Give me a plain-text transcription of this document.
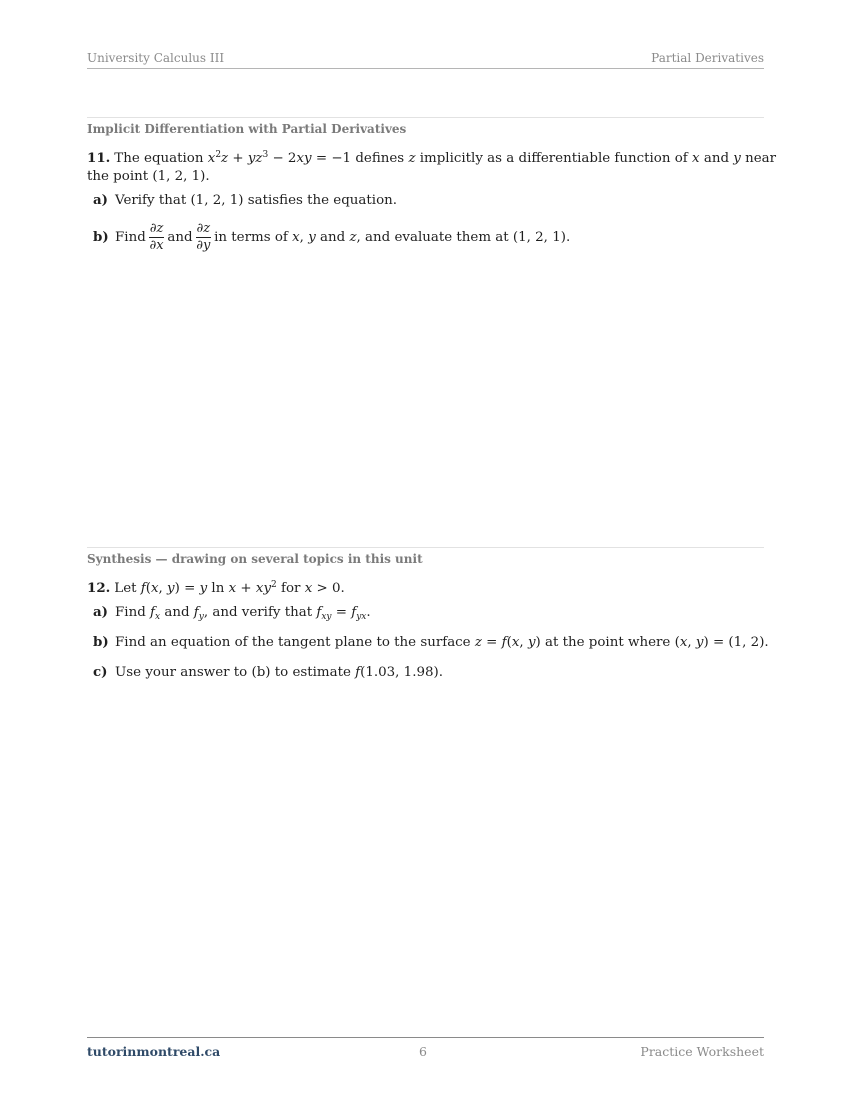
University Calculus III	Partial Derivatives
Implicit Differentiation with Partial Derivatives
11. The equation $x^2z + yz^3 - 2xy = -1$ defines z implicitly as a differentiable function of x and y near
the point (1, 2, 1).
a) Verify that (1, 2, 1) satisfies the equation.
b) Find $\frac{\partial z}{\partial x}$ and $\frac{\partial z}{\partial y}$ in terms of x, y and z, and evaluate them at (1, 2, 1).
Synthesis — drawing on several topics in this unit
12. Let f(x, y) = y $\ln x + xy^2$ for x > 0.
a) Find $f_x$ and $f_y$, and verify that $f_{xy} = f_{yx}$.
b) Find an equation of the tangent plane to the surface z = f(x, y) at the point where (x, y) = (1, 2).
c) Use your answer to (b) to estimate f(1.03, 1.98).
tutorinmontreal.ca	6	Practice Worksheet
